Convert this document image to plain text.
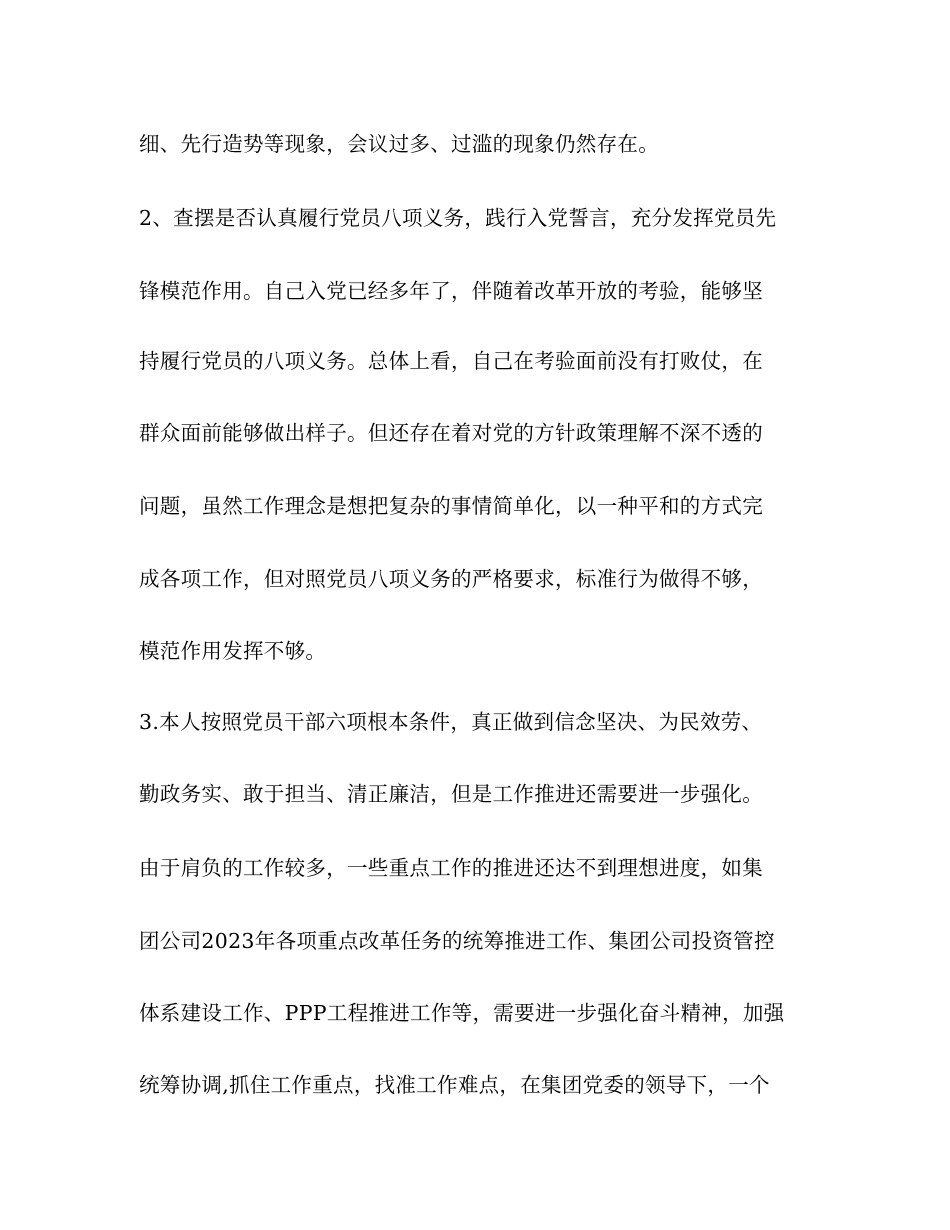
细、先行造势等现象，会议过多、过滥的现象仍然存在。

2、查摆是否认真履行党员八项义务，践行入党誓言，充分发挥党员先

锋模范作用。自己入党已经多年了，伴随着改革开放的考验，能够坚

持履行党员的八项义务。总体上看，自己在考验面前没有打败仗，在

群众面前能够做出样子。但还存在着对党的方针政策理解不深不透的

问题，虽然工作理念是想把复杂的事情简单化，以一种平和的方式完

成各项工作，但对照党员八项义务的严格要求，标准行为做得不够，

模范作用发挥不够。

3.本人按照党员干部六项根本条件，真正做到信念坚决、为民效劳、

勤政务实、敢于担当、清正廉洁，但是工作推进还需要进一步强化。

由于肩负的工作较多，一些重点工作的推进还达不到理想进度，如集

团公司2023年各项重点改革任务的统筹推进工作、集团公司投资管控

体系建设工作、PPP工程推进工作等，需要进一步强化奋斗精神，加强

统筹协调,抓住工作重点，找准工作难点，在集团党委的领导下，一个
